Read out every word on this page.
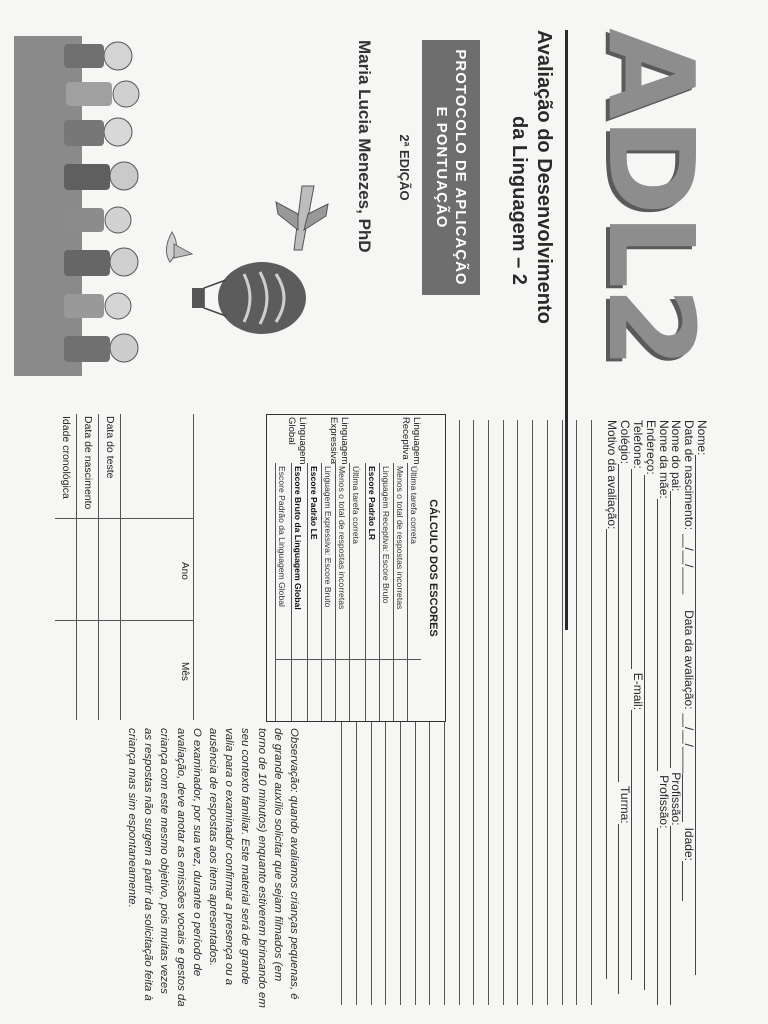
ADL2
Avaliação do Desenvolvimento
da Linguagem – 2
PROTOCOLO DE APLICAÇÃO
E PONTUAÇÃO
2ª EDIÇÃO
Maria Lucia Menezes, PhD
Nome:
Data de nascimento:
__/__/____
Data da avaliação:
__/__/____
Idade:
Nome do pai:
Profissão:
Nome da mãe:
Profissão:
Endereço:
Telefone:
E-mail:
Colégio:
Turma:
Motivo da avaliação:
CÁLCULO DOS ESCORES
Linguagem Receptiva
Última tarefa correta
Menos o total de respostas incorretas
Linguagem Receptiva: Escore Bruto
Escore Padrão LR
Última tarefa correta
Linguagem Expressiva
Menos o total de respostas incorretas
Linguagem Expressiva: Escore Bruto
Escore Padrão LE
Linguagem Global
Escore Bruto da Linguagem Global
Escore Padrão da Linguagem Global
Ano
Mês
Data do teste
Data de nascimento
Idade cronológica

Observação: quando avaliamos crianças pequenas, é de grande auxílio solicitar que sejam filmados (em torno de 10 minutos) enquanto estiverem brincando em seu contexto familiar. Este material será de grande valia para o examinador confirmar a presença ou a ausência de respostas aos itens apresentados.

O examinador, por sua vez, durante o período de avaliação, deve anotar as emissões vocais e gestos da criança com este mesmo objetivo, pois muitas vezes as respostas não surgem a partir da solicitação feita à criança mas sim espontaneamente.
